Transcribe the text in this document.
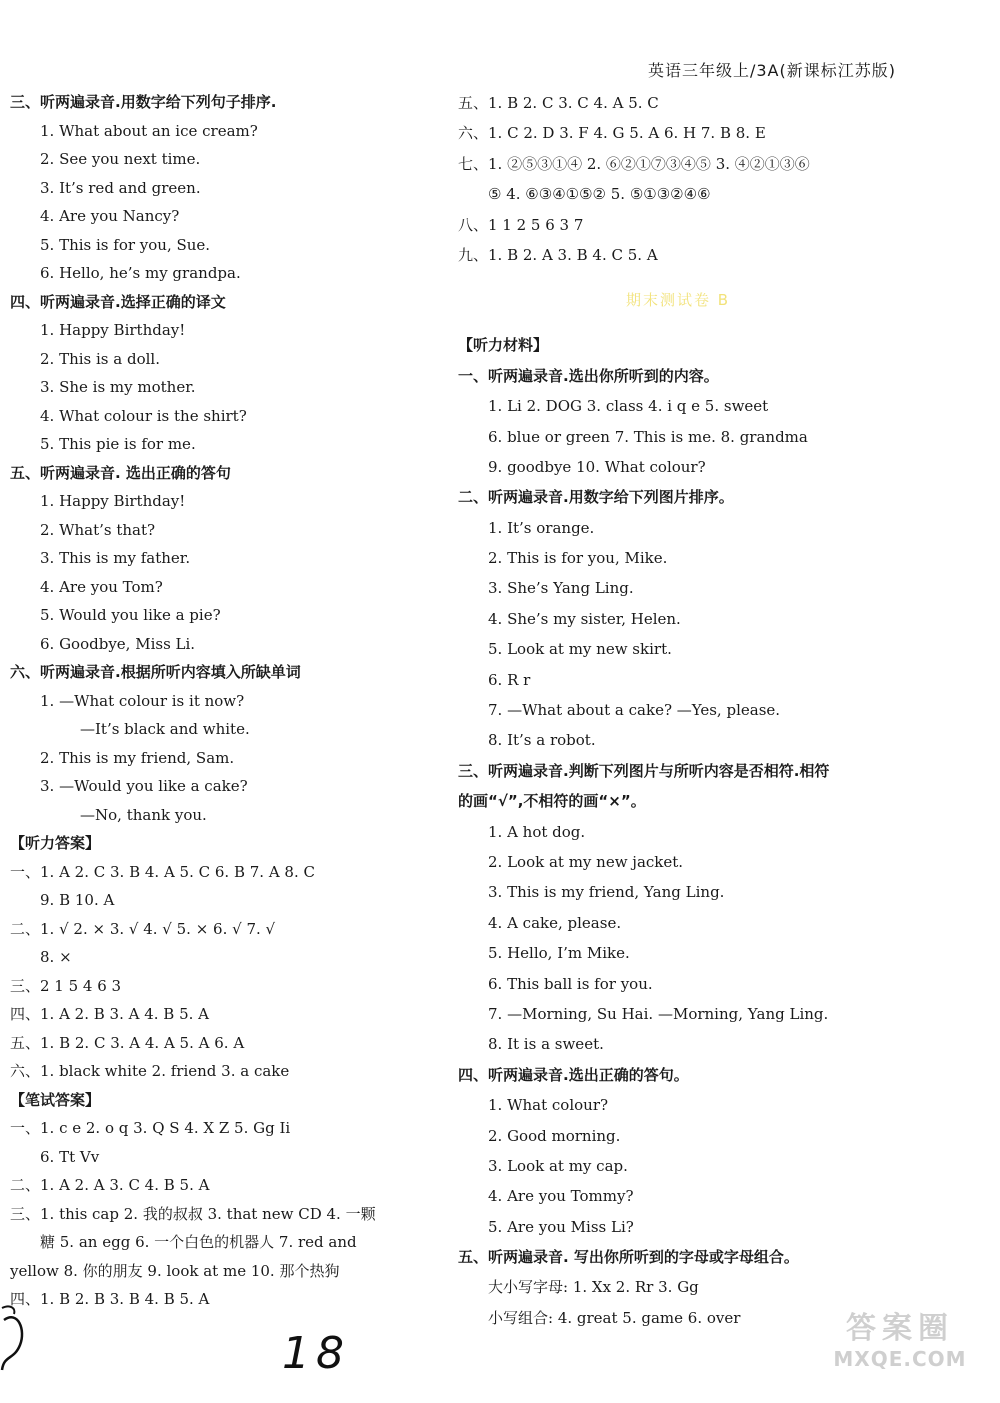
英语三年级上/3A(新课标江苏版)
三、听两遍录音.用数字给下列句子排序.
1. What about an ice cream?
2. See you next time.
3. It’s red and green.
4. Are you Nancy?
5. This is for you, Sue.
6. Hello, he’s my grandpa.
四、听两遍录音.选择正确的译文
1. Happy Birthday!
2. This is a doll.
3. She is my mother.
4. What colour is the shirt?
5. This pie is for me.
五、听两遍录音. 选出正确的答句
1. Happy Birthday!
2. What’s that?
3. This is my father.
4. Are you Tom?
5. Would you like a pie?
6. Goodbye, Miss Li.
六、听两遍录音.根据所听内容填入所缺单词
1. —What colour is it now?
—It’s black and white.
2. This is my friend, Sam.
3. —Would you like a cake?
—No, thank you.
【听力答案】
一、1. A 2. C 3. B 4. A 5. C 6. B 7. A 8. C
9. B 10. A
二、1. √ 2. × 3. √ 4. √ 5. × 6. √ 7. √
8. ×
三、2 1 5 4 6 3
四、1. A 2. B 3. A 4. B 5. A
五、1. B 2. C 3. A 4. A 5. A 6. A
六、1. black white 2. friend 3. a cake
【笔试答案】
一、1. c e 2. o q 3. Q S 4. X Z 5. Gg Ii
6. Tt Vv
二、1. A 2. A 3. C 4. B 5. A
三、1. this cap 2. 我的叔叔 3. that new CD 4. 一颗
糖 5. an egg 6. 一个白色的机器人 7. red and
yellow 8. 你的朋友 9. look at me 10. 那个热狗
四、1. B 2. B 3. B 4. B 5. A
五、1. B 2. C 3. C 4. A 5. C
六、1. C 2. D 3. F 4. G 5. A 6. H 7. B 8. E
七、1. ②⑤③①④ 2. ⑥②①⑦③④⑤ 3. ④②①③⑥
⑤ 4. ⑥③④①⑤② 5. ⑤①③②④⑥
八、1 1 2 5 6 3 7
九、1. B 2. A 3. B 4. C 5. A
期末测试卷 B
【听力材料】
一、听两遍录音.选出你所听到的内容。
1. Li 2. DOG 3. class 4. i q e 5. sweet
6. blue or green 7. This is me. 8. grandma
9. goodbye 10. What colour?
二、听两遍录音.用数字给下列图片排序。
1. It’s orange.
2. This is for you, Mike.
3. She’s Yang Ling.
4. She’s my sister, Helen.
5. Look at my new skirt.
6. R r
7. —What about a cake? —Yes, please.
8. It’s a robot.
三、听两遍录音.判断下列图片与所听内容是否相符.相符
的画“√”,不相符的画“×”。
1. A hot dog.
2. Look at my new jacket.
3. This is my friend, Yang Ling.
4. A cake, please.
5. Hello, I’m Mike.
6. This ball is for you.
7. —Morning, Su Hai. —Morning, Yang Ling.
8. It is a sweet.
四、听两遍录音.选出正确的答句。
1. What colour?
2. Good morning.
3. Look at my cap.
4. Are you Tommy?
5. Are you Miss Li?
五、听两遍录音. 写出你所听到的字母或字母组合。
大小写字母: 1. Xx 2. Rr 3. Gg
小写组合: 4. great 5. game 6. over
18	答案圈
MXQE.COM
